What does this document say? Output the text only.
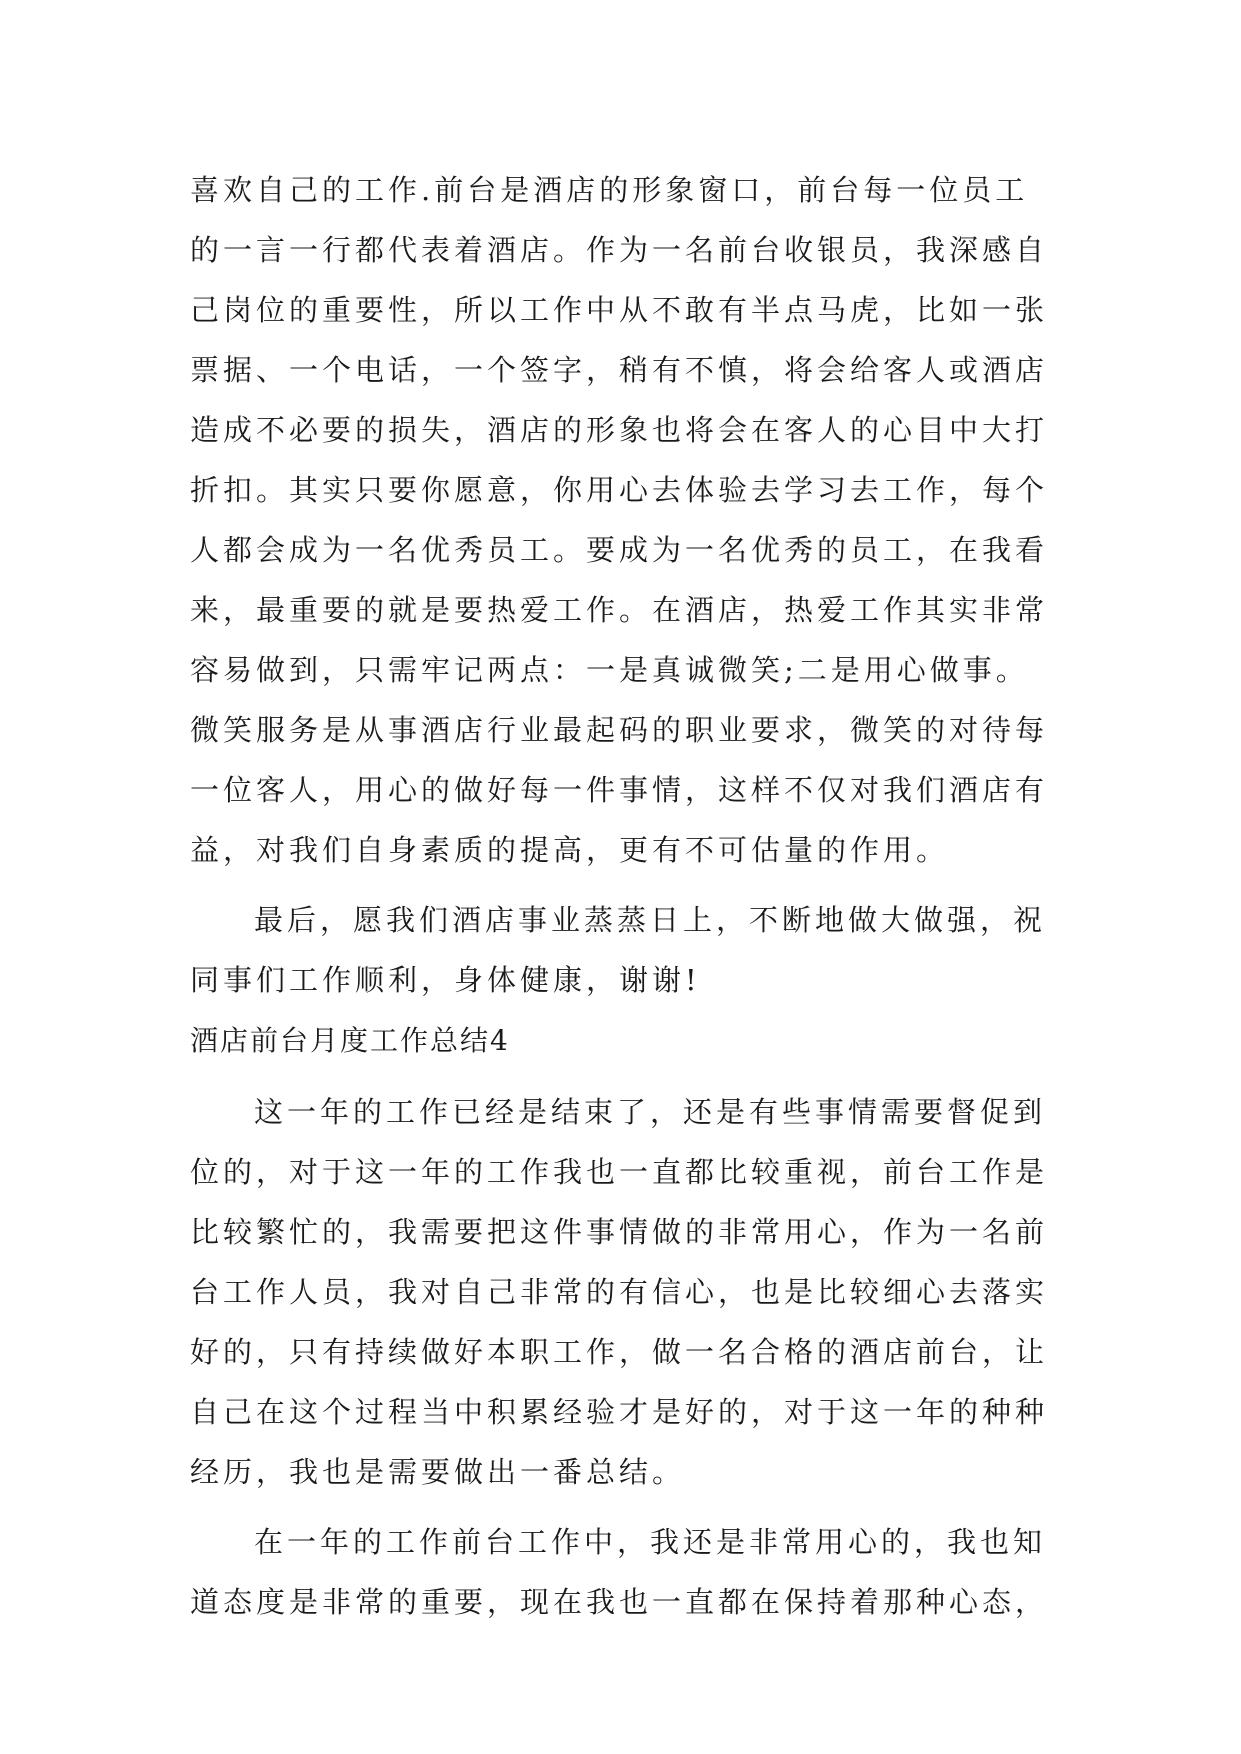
喜欢自己的工作.前台是酒店的形象窗口，前台每一位员工
的一言一行都代表着酒店。作为一名前台收银员，我深感自
己岗位的重要性，所以工作中从不敢有半点马虎，比如一张
票据、一个电话，一个签字，稍有不慎，将会给客人或酒店
造成不必要的损失，酒店的形象也将会在客人的心目中大打
折扣。其实只要你愿意，你用心去体验去学习去工作，每个
人都会成为一名优秀员工。要成为一名优秀的员工，在我看
来，最重要的就是要热爱工作。在酒店，热爱工作其实非常
容易做到，只需牢记两点：一是真诚微笑;二是用心做事。
微笑服务是从事酒店行业最起码的职业要求，微笑的对待每
一位客人，用心的做好每一件事情，这样不仅对我们酒店有
益，对我们自身素质的提高，更有不可估量的作用。
最后，愿我们酒店事业蒸蒸日上，不断地做大做强，祝
同事们工作顺利，身体健康，谢谢!
酒店前台月度工作总结4
这一年的工作已经是结束了，还是有些事情需要督促到
位的，对于这一年的工作我也一直都比较重视，前台工作是
比较繁忙的，我需要把这件事情做的非常用心，作为一名前
台工作人员，我对自己非常的有信心，也是比较细心去落实
好的，只有持续做好本职工作，做一名合格的酒店前台，让
自己在这个过程当中积累经验才是好的，对于这一年的种种
经历，我也是需要做出一番总结。
在一年的工作前台工作中，我还是非常用心的，我也知
道态度是非常的重要，现在我也一直都在保持着那种心态，
